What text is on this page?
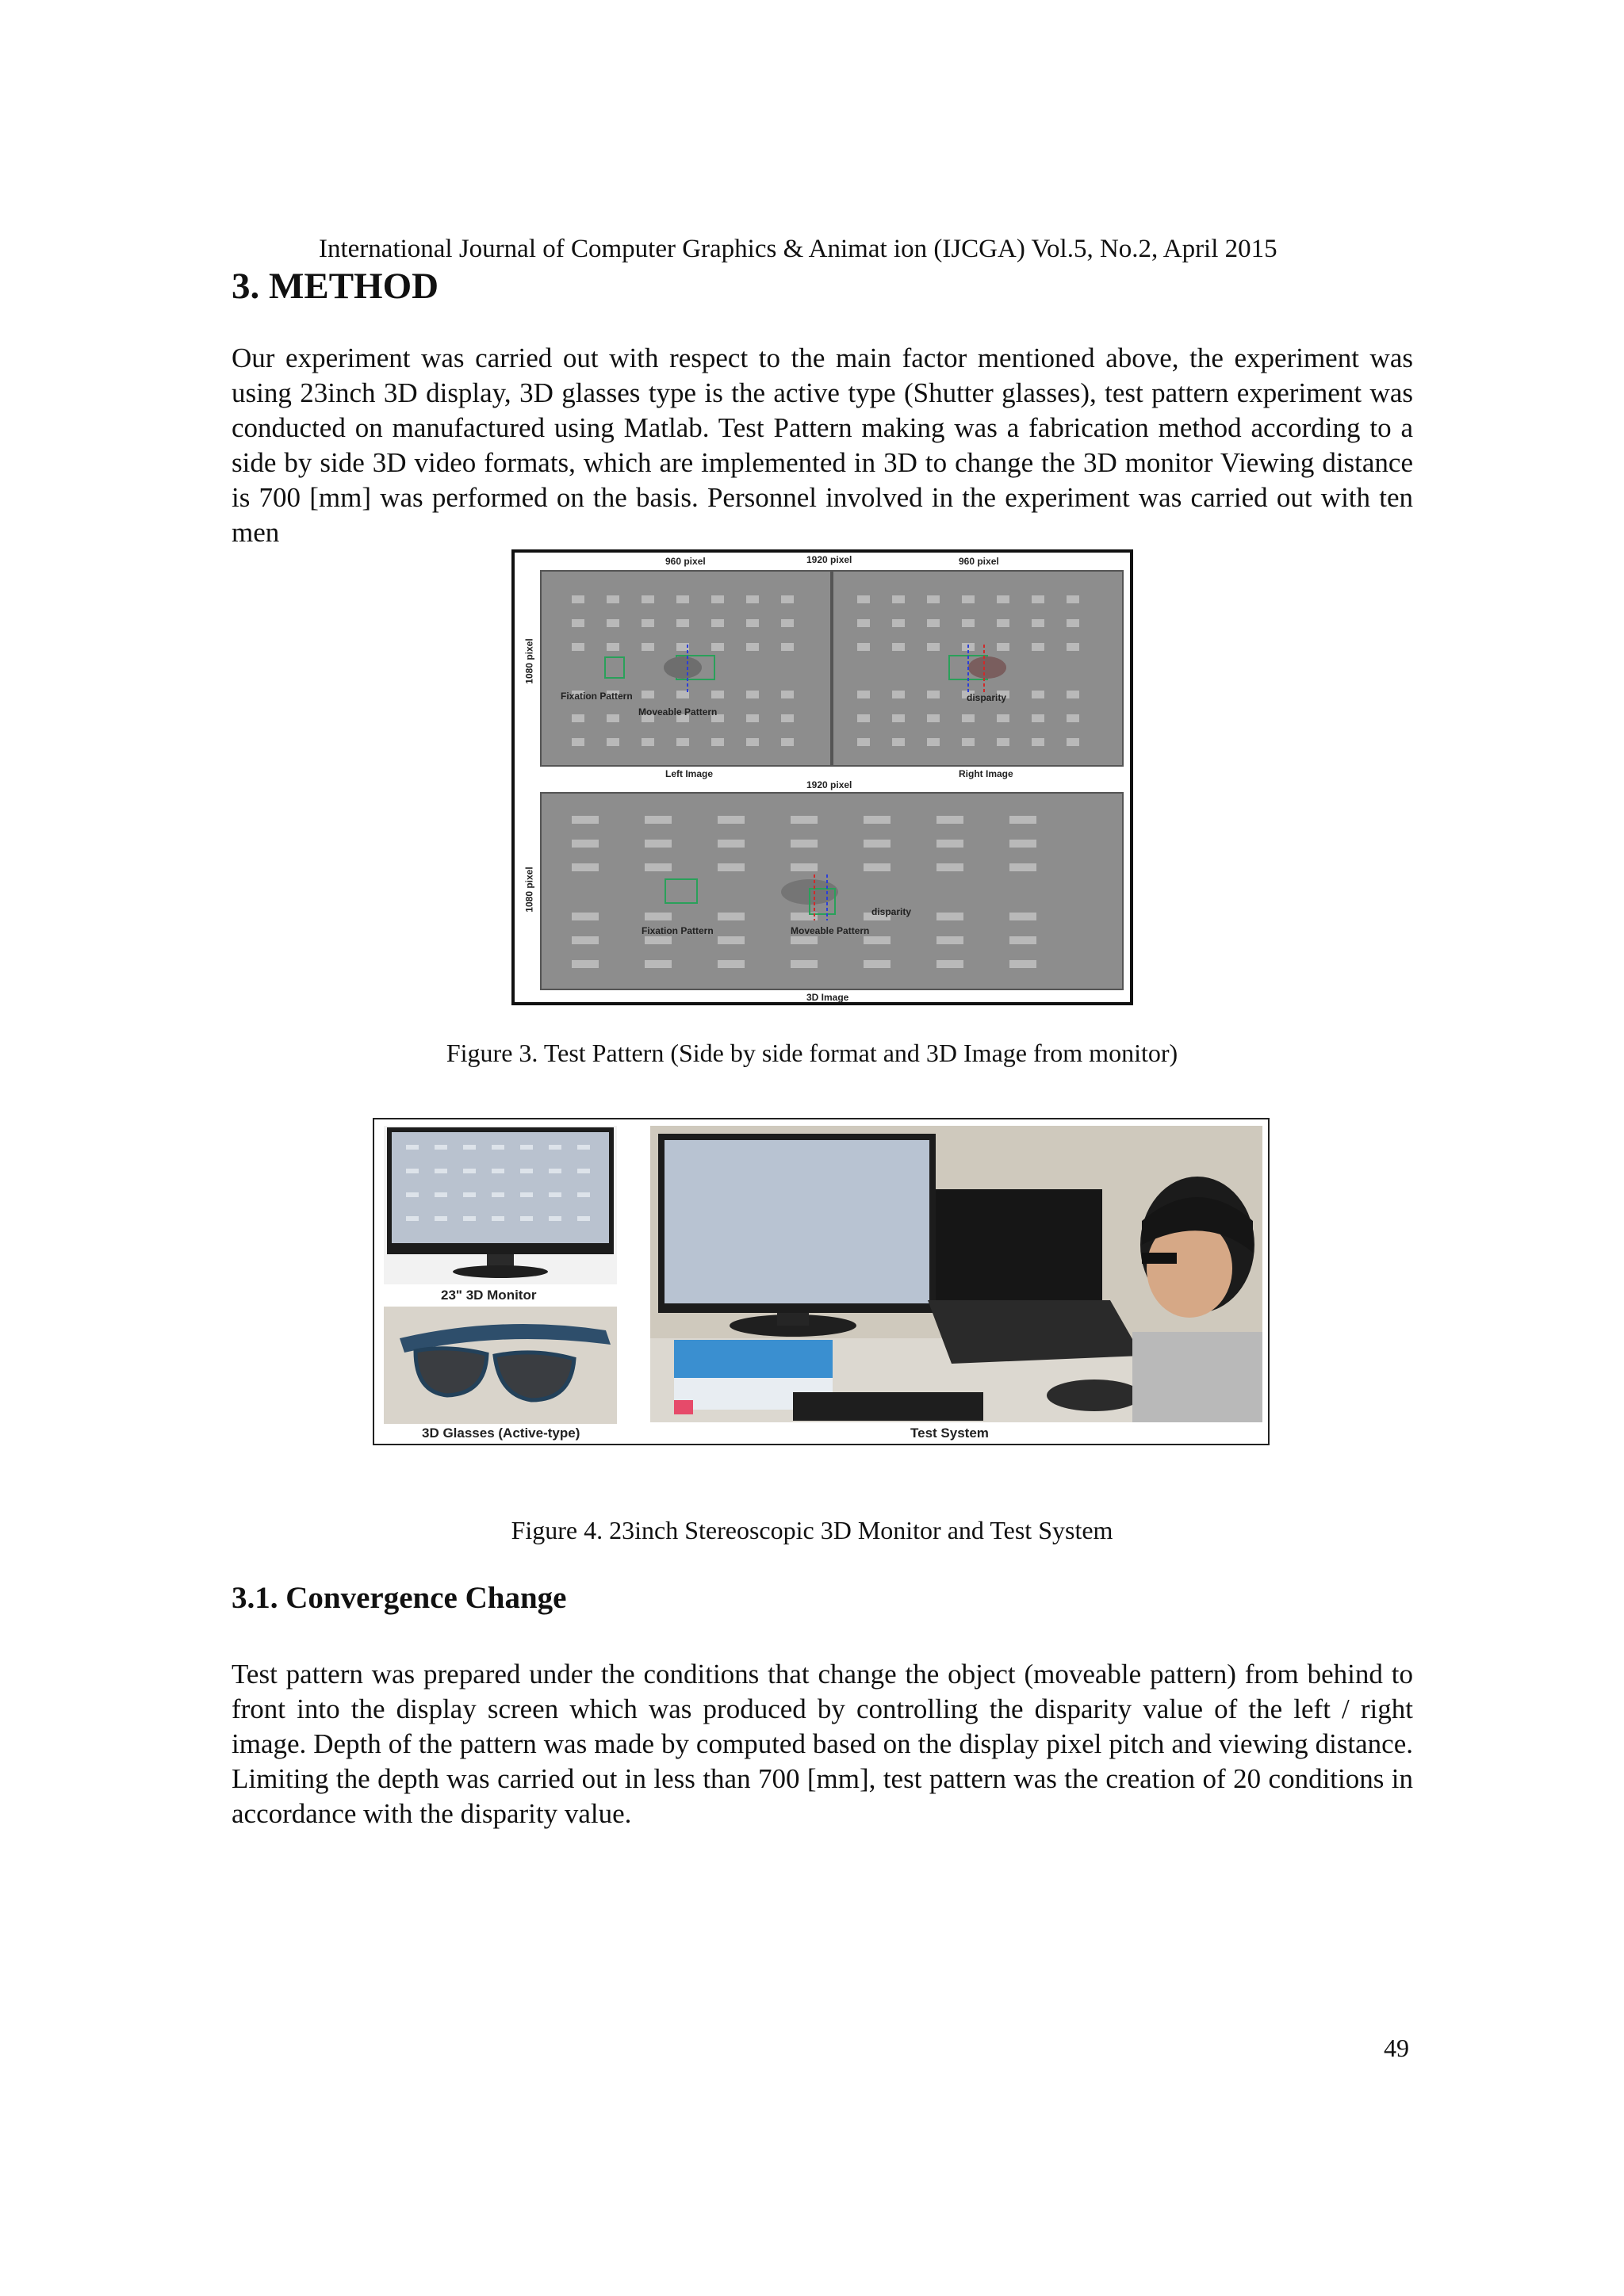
International Journal of Computer Graphics & Animat ion (IJCGA) Vol.5, No.2, April 2015
3. METHOD
Our experiment was carried out with respect to the main factor mentioned above, the experiment was using 23inch 3D display, 3D glasses type is the active type (Shutter glasses), test pattern experiment was conducted on manufactured using Matlab. Test Pattern making was a fabrication method according to a side by side 3D video formats, which are implemented in 3D to change the 3D monitor Viewing distance is 700 [mm] was performed on the basis. Personnel involved in the experiment was carried out with ten men
960 pixel	1920 pixel	960 pixel
Fixation Pattern
Moveable Pattern
disparity
1080 pixel
Left Image	Right Image
1920 pixel
Fixation Pattern	Moveable Pattern
disparity
1080 pixel
3D Image
Figure 3. Test Pattern (Side by side format and 3D Image from monitor)
23" 3D Monitor
3D Glasses (Active-type)	Test System
Figure 4. 23inch Stereoscopic 3D Monitor and Test System
3.1. Convergence Change
Test pattern was prepared under the conditions that change the object (moveable pattern) from behind to front into the display screen which was produced by controlling the disparity value of the left / right image. Depth of the pattern was made by computed based on the display pixel pitch and viewing distance. Limiting the depth was carried out in less than 700 [mm], test pattern was the creation of 20 conditions in accordance with the disparity value.
49
